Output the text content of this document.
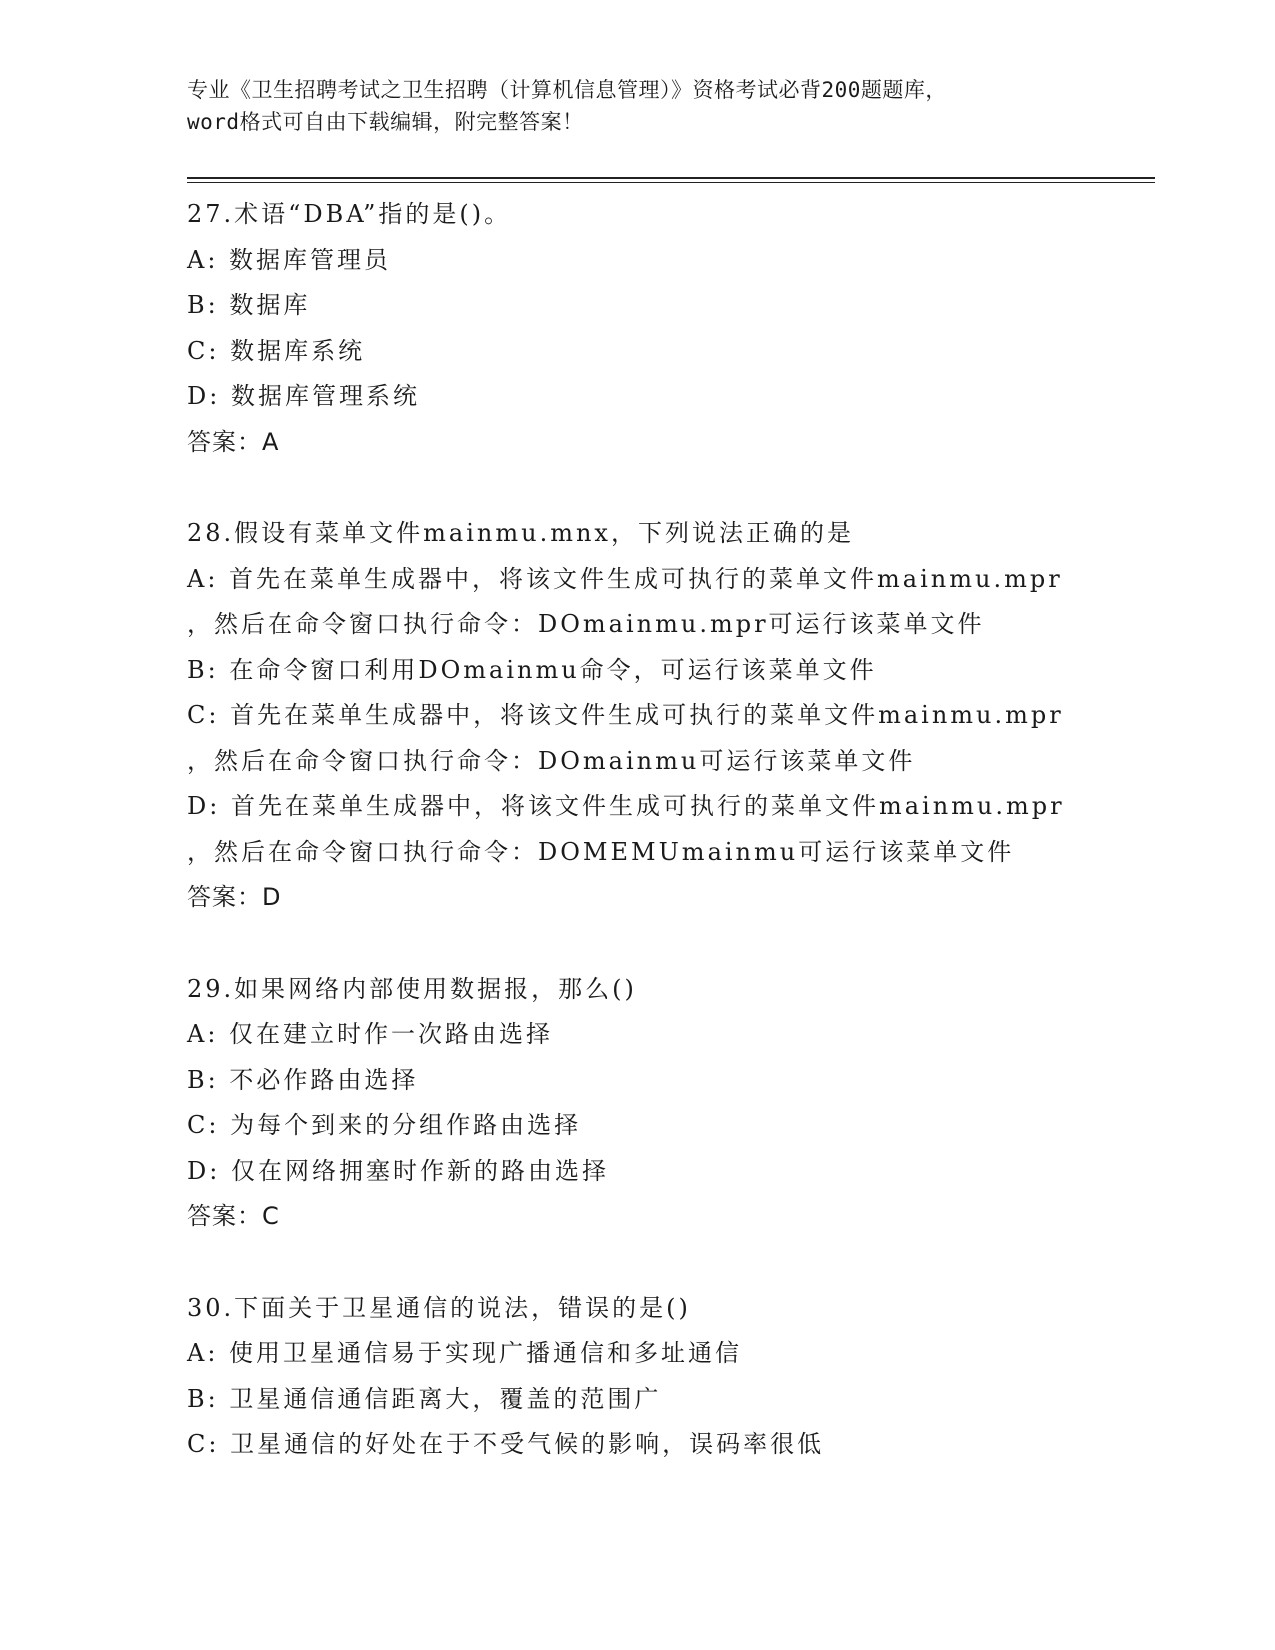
专业《卫生招聘考试之卫生招聘（计算机信息管理）》资格考试必背200题题库，
word格式可自由下载编辑，附完整答案！
27.术语“DBA”指的是()。
A: 数据库管理员
B: 数据库
C: 数据库系统
D: 数据库管理系统
答案：A
28.假设有菜单文件mainmu.mnx，下列说法正确的是
A: 首先在菜单生成器中，将该文件生成可执行的菜单文件mainmu.mpr
，然后在命令窗口执行命令：DOmainmu.mpr可运行该菜单文件
B: 在命令窗口利用DOmainmu命令，可运行该菜单文件
C: 首先在菜单生成器中，将该文件生成可执行的菜单文件mainmu.mpr
，然后在命令窗口执行命令：DOmainmu可运行该菜单文件
D: 首先在菜单生成器中，将该文件生成可执行的菜单文件mainmu.mpr
，然后在命令窗口执行命令：DOMEMUmainmu可运行该菜单文件
答案：D
29.如果网络内部使用数据报，那么()
A: 仅在建立时作一次路由选择
B: 不必作路由选择
C: 为每个到来的分组作路由选择
D: 仅在网络拥塞时作新的路由选择
答案：C
30.下面关于卫星通信的说法，错误的是()
A: 使用卫星通信易于实现广播通信和多址通信
B: 卫星通信通信距离大，覆盖的范围广
C: 卫星通信的好处在于不受气候的影响，误码率很低
